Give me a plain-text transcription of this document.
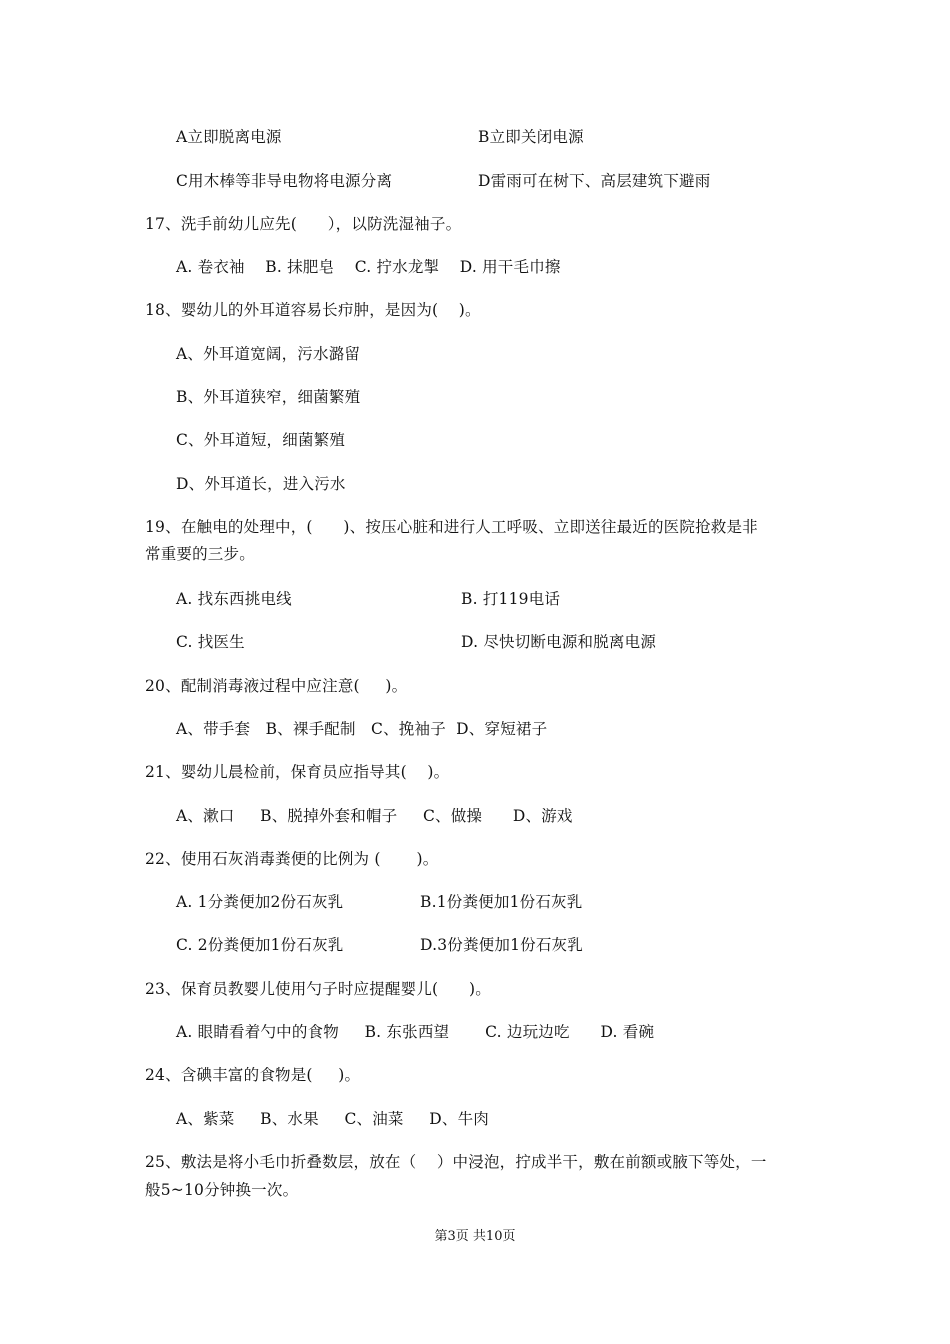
A立即脱离电源	B立即关闭电源
C用木棒等非导电物将电源分离	D雷雨可在树下、高层建筑下避雨
17、洗手前幼儿应先(      ），以防洗湿袖子。
A. 卷衣袖    B. 抹肥皂    C. 拧水龙掣    D. 用干毛巾擦
18、婴幼儿的外耳道容易长疖肿，是因为(    )。
A、外耳道宽阔，污水潞留
B、外耳道狭窄，细菌繁殖
C、外耳道短，细菌繁殖
D、外耳道长，进入污水
19、在触电的处理中，(      )、按压心脏和进行人工呼吸、立即送往最近的医院抢救是非
常重要的三步。
A. 找东西挑电线	B. 打119电话
C. 找医生	D. 尽快切断电源和脱离电源
20、配制消毒液过程中应注意(     )。
A、带手套   B、裸手配制   C、挽袖子  D、穿短裙子
21、婴幼儿晨检前，保育员应指导其(    )。
A、漱口     B、脱掉外套和帽子     C、做操      D、游戏
22、使用石灰消毒粪便的比例为 (       )。
A. 1分粪便加2份石灰乳	B.1份粪便加1份石灰乳
C. 2份粪便加1份石灰乳	D.3份粪便加1份石灰乳
23、保育员教婴儿使用勺子时应提醒婴儿(      )。
A. 眼睛看着勺中的食物     B. 东张西望       C. 边玩边吃      D. 看碗
24、含碘丰富的食物是(     )。
A、紫菜     B、水果     C、油菜     D、牛肉
25、敷法是将小毛巾折叠数层，放在（    ）中浸泡，拧成半干，敷在前额或腋下等处，一
般5~10分钟换一次。
第3页 共10页
